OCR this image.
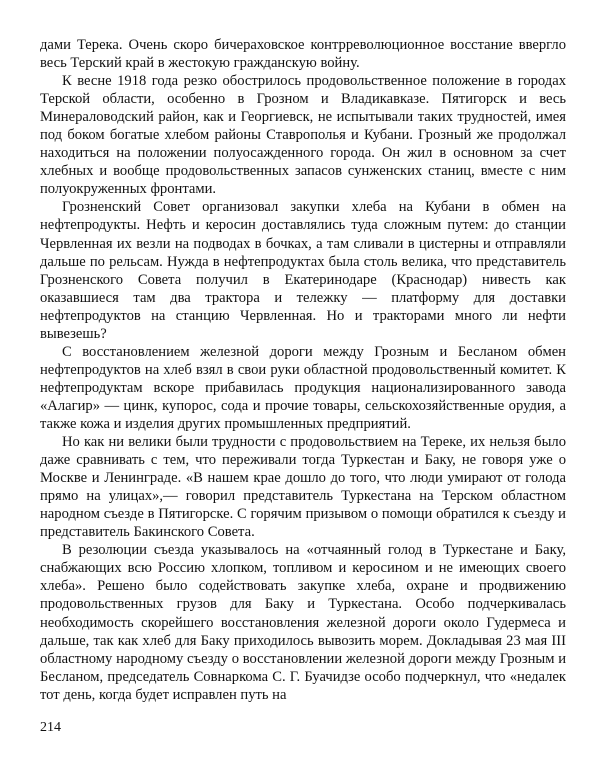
дами Терека. Очень скоро бичераховское контрреволюционное восстание ввергло весь Терский край в жестокую гражданскую войну.

К весне 1918 года резко обострилось продовольственное положение в городах Терской области, особенно в Грозном и Владикавказе. Пятигорск и весь Минераловодский район, как и Георгиевск, не испытывали таких трудностей, имея под боком богатые хлебом районы Ставрополья и Кубани. Грозный же продолжал находиться на положении полуосажденного города. Он жил в основном за счет хлебных и вообще продовольственных запасов сунженских станиц, вместе с ним полуокруженных фронтами.

Грозненский Совет организовал закупки хлеба на Кубани в обмен на нефтепродукты. Нефть и керосин доставлялись туда сложным путем: до станции Червленная их везли на подводах в бочках, а там сливали в цистерны и отправляли дальше по рельсам. Нужда в нефтепродуктах была столь велика, что представитель Грозненского Совета получил в Екатеринодаре (Краснодар) нивесть как оказавшиеся там два трактора и тележку — платформу для доставки нефтепродуктов на станцию Червленная. Но и тракторами много ли нефти вывезешь?

С восстановлением железной дороги между Грозным и Бесланом обмен нефтепродуктов на хлеб взял в свои руки областной продовольственный комитет. К нефтепродуктам вскоре прибавилась продукция национализированного завода «Алагир» — цинк, купорос, сода и прочие товары, сельскохозяйственные орудия, а также кожа и изделия других промышленных предприятий.

Но как ни велики были трудности с продовольствием на Тереке, их нельзя было даже сравнивать с тем, что переживали тогда Туркестан и Баку, не говоря уже о Москве и Ленинграде. «В нашем крае дошло до того, что люди умирают от голода прямо на улицах»,— говорил представитель Туркестана на Терском областном народном съезде в Пятигорске. С горячим призывом о помощи обратился к съезду и представитель Бакинского Совета.

В резолюции съезда указывалось на «отчаянный голод в Туркестане и Баку, снабжающих всю Россию хлопком, топливом и керосином и не имеющих своего хлеба». Решено было содействовать закупке хлеба, охране и продвижению продовольственных грузов для Баку и Туркестана. Особо подчеркивалась необходимость скорейшего восстановления железной дороги около Гудермеса и дальше, так как хлеб для Баку приходилось вывозить морем. Докладывая 23 мая III областному народному съезду о восстановлении железной дороги между Грозным и Бесланом, председатель Совнаркома С. Г. Буачидзе особо подчеркнул, что «недалек тот день, когда будет исправлен путь на

214
